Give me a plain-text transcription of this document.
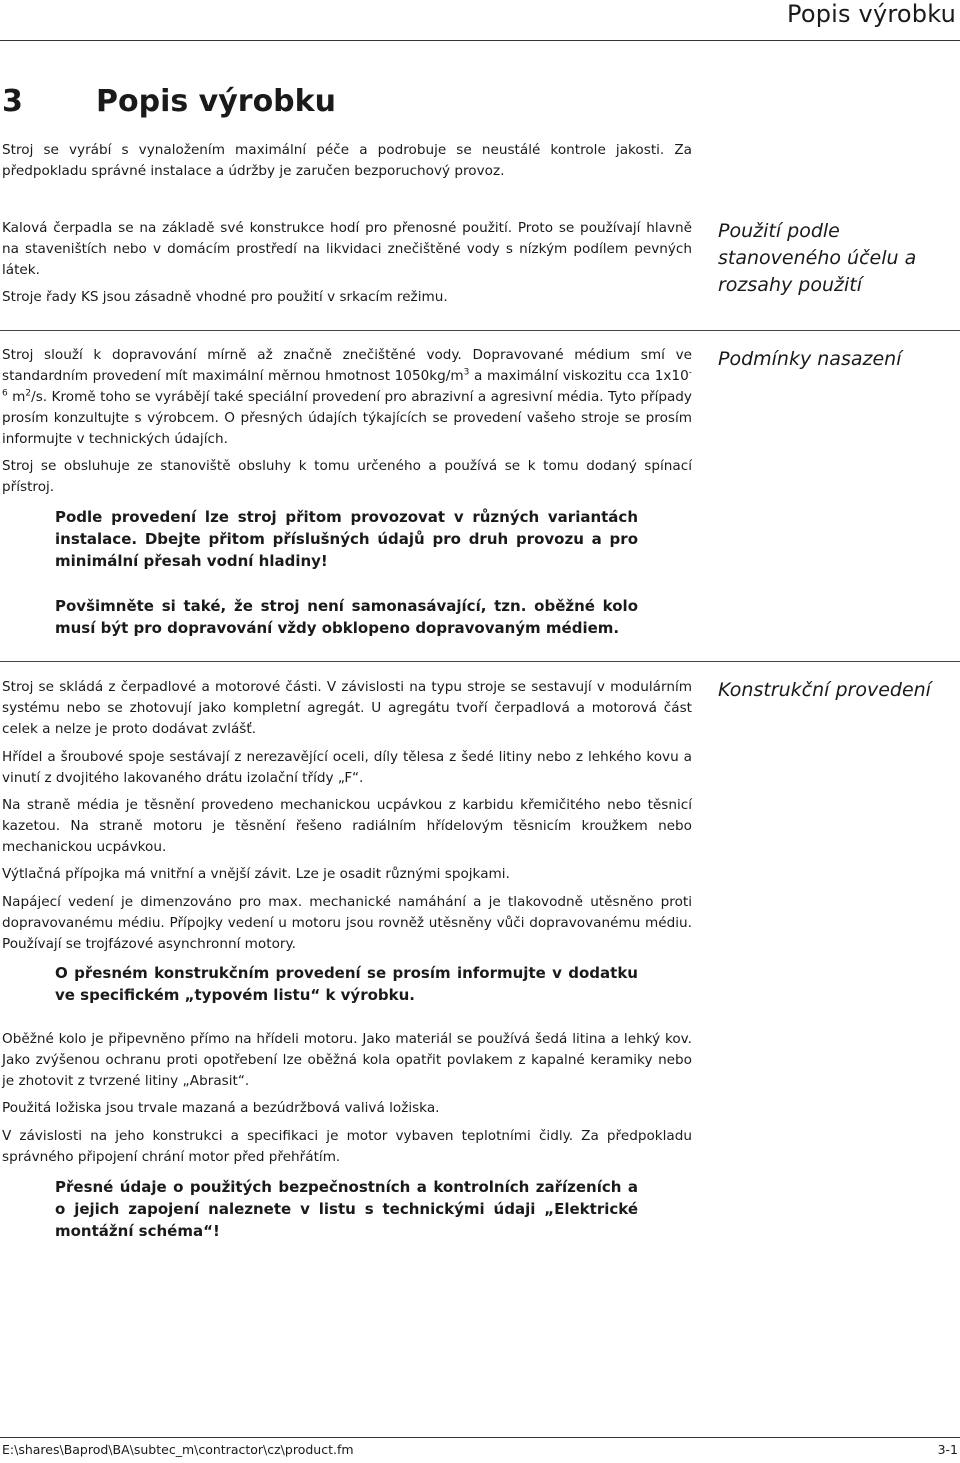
Popis výrobku
3 Popis výrobku

Stroj se vyrábí s vynaložením maximální péče a podrobuje se neustálé kontrole jakosti. Za předpokladu správné instalace a údržby je zaručen bezporuchový provoz.

Kalová čerpadla se na základě své konstrukce hodí pro přenosné použití. Proto se používají hlavně na staveništích nebo v domácím prostředí na likvidaci znečištěné vody s nízkým podílem pevných látek.

Stroje řady KS jsou zásadně vhodné pro použití v srkacím režimu.

Použití podle stanoveného účelu a rozsahy použití

Stroj slouží k dopravování mírně až značně znečištěné vody. Dopravované médium smí ve standardním provedení mít maximální měrnou hmotnost $1050kg/m^3$ a maximální viskozitu cca $1x10^{-6}$ $m^2/s$. Kromě toho se vyrábějí také speciální provedení pro abrazivní a agresivní média. Tyto případy prosím konzultujte s výrobcem. O přesných údajích týkajících se provedení vašeho stroje se prosím informujte v technických údajích.

Stroj se obsluhuje ze stanoviště obsluhy k tomu určeného a používá se k tomu dodaný spínací přístroj.

Podmínky nasazení

Podle provedení lze stroj přitom provozovat v různých variantách instalace. Dbejte přitom příslušných údajů pro druh provozu a pro minimální přesah vodní hladiny!

Povšimněte si také, že stroj není samonasávající, tzn. oběžné kolo musí být pro dopravování vždy obklopeno dopravovaným médiem.

Stroj se skládá z čerpadlové a motorové části. V závislosti na typu stroje se sestavují v modulárním systému nebo se zhotovují jako kompletní agregát. U agregátu tvoří čerpadlová a motorová část celek a nelze je proto dodávat zvlášť.

Hřídel a šroubové spoje sestávají z nerezavějící oceli, díly tělesa z šedé litiny nebo z lehkého kovu a vinutí z dvojitého lakovaného drátu izolační třídy „F“.

Na straně média je těsnění provedeno mechanickou ucpávkou z karbidu křemičitého nebo těsnicí kazetou. Na straně motoru je těsnění řešeno radiálním hřídelovým těsnicím kroužkem nebo mechanickou ucpávkou.

Výtlačná přípojka má vnitřní a vnější závit. Lze je osadit různými spojkami.

Napájecí vedení je dimenzováno pro max. mechanické namáhání a je tlakovodně utěsněno proti dopravovanému médiu. Přípojky vedení u motoru jsou rovněž utěsněny vůči dopravovanému médiu. Používají se trojfázové asynchronní motory.

Konstrukční provedení

O přesném konstrukčním provedení se prosím informujte v dodatku ve specifickém „typovém listu“ k výrobku.

Oběžné kolo je připevněno přímo na hřídeli motoru. Jako materiál se používá šedá litina a lehký kov. Jako zvýšenou ochranu proti opotřebení lze oběžná kola opatřit povlakem z kapalné keramiky nebo je zhotovit z tvrzené litiny „Abrasit“.

Použitá ložiska jsou trvale mazaná a bezúdržbová valivá ložiska.

V závislosti na jeho konstrukci a specifikaci je motor vybaven teplotními čidly. Za předpokladu správného připojení chrání motor před přehřátím.

Přesné údaje o použitých bezpečnostních a kontrolních zařízeních a o jejich zapojení naleznete v listu s technickými údaji „Elektrické montážní schéma“!

E:\shares\Baprod\BA\subtec_m\contractor\cz\product.fm	3-1
